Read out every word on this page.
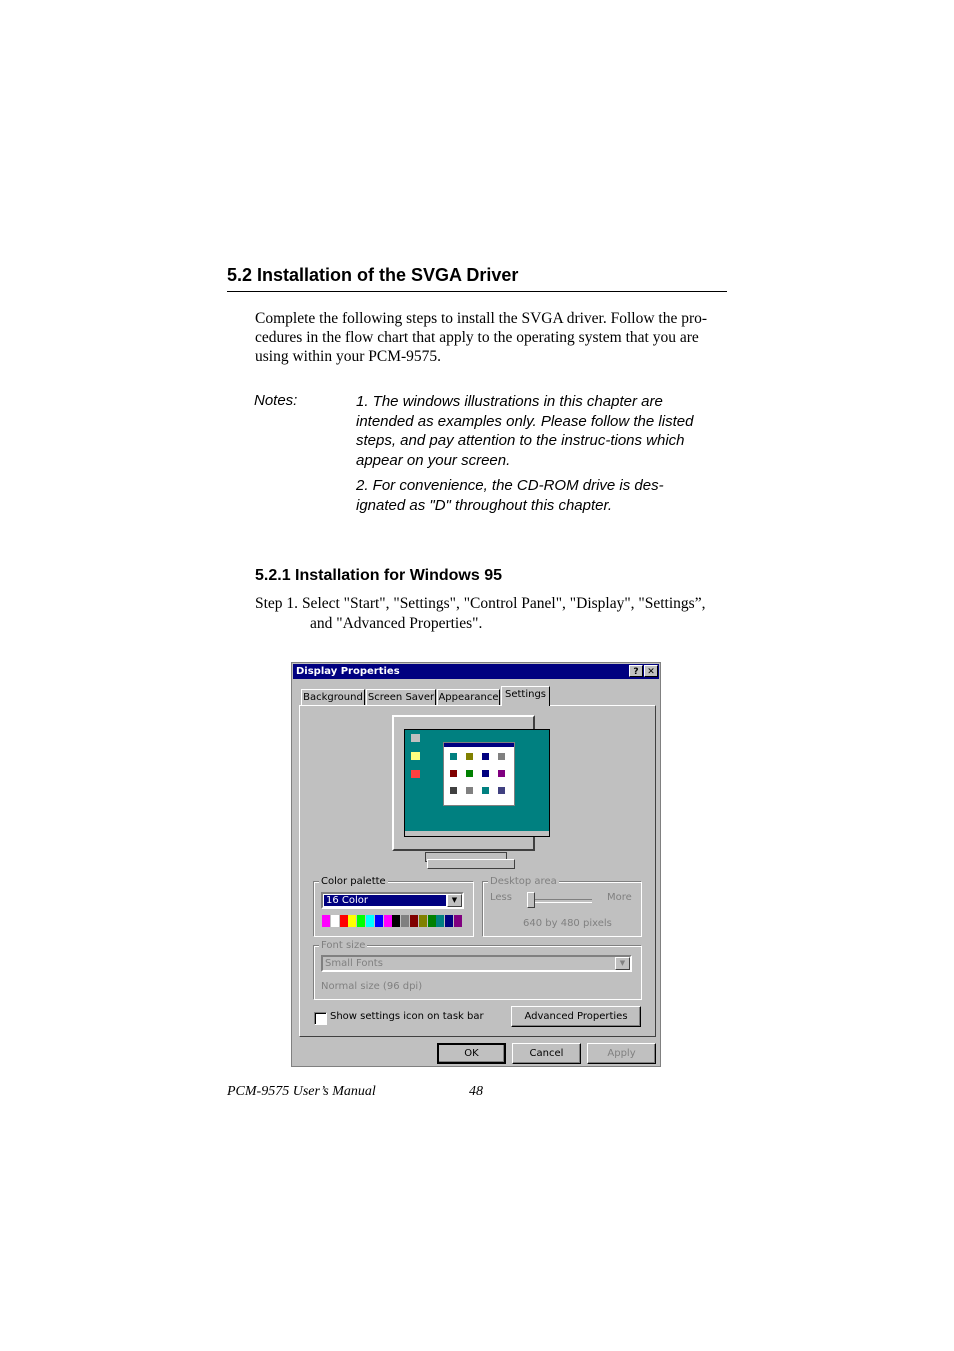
5.2 Installation of the SVGA Driver
Complete the following steps to install the SVGA driver. Follow the pro-cedures in the flow chart that apply to the operating system that you are using within your PCM-9575.
Notes:	1. The windows illustrations in this chapter are intended as examples only. Please follow the listed steps, and pay attention to the instruc-tions which appear on your screen.
2. For convenience, the CD-ROM drive is des-ignated as "D" throughout this chapter.
5.2.1 Installation for Windows 95
Step 1. Select "Start", "Settings", "Control Panel", "Display", "Settings”,
and "Advanced Properties".
Display Properties	? ✕
Background Screen Saver Appearance Settings
Color palette
16 Color	▼
Desktop area
Less	More
640 by 480 pixels
Font size
Small Fonts	▼
Normal size (96 dpi)
Show settings icon on task bar	Advanced Properties
OK	Cancel	Apply
PCM-9575 User’s Manual	48
